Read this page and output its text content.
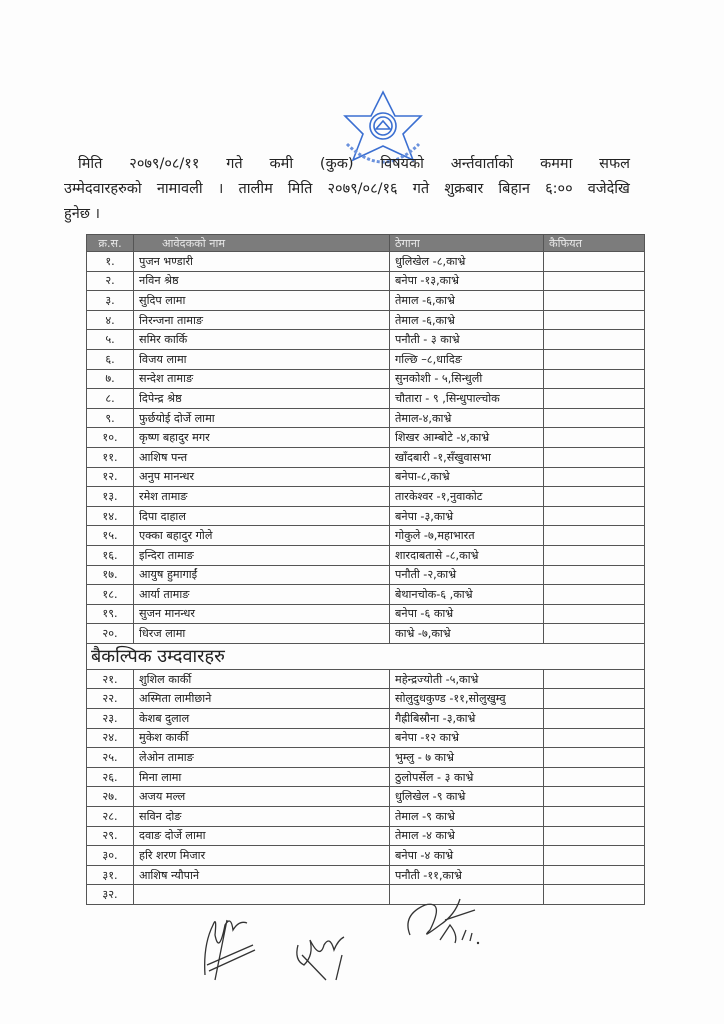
मिति	२०७९/०८/११	गते	कमी	(कुक)	विषयको	अर्न्तवार्ताको	कममा	सफल
उम्मेदवारहरुको नामावली । तालीम मिति २०७९/०८/१६ गते शुक्रबार बिहान ६:०० वजेदेखि
हुनेछ ।
क्र.स.	आवेदकको नाम	ठेगाना	कैफियत
१.	पुजन भण्डारी	धुलिखेल -८,काभ्रे	
२.	नविन श्रेष्ठ	बनेपा -१३,काभ्रे	
३.	सुदिप लामा	तेमाल -६,काभ्रे	
४.	निरन्जना तामाङ	तेमाल -६,काभ्रे	
५.	समिर कार्कि	पनौती - ३ काभ्रे	
६.	विजय लामा	गल्छि –८,धादिङ	
७.	सन्देश तामाङ	सुनकोशी - ५,सिन्धुली	
८.	दिपेन्द्र श्रेष्ठ	चौतारा - ९ ,सिन्धुपाल्चोक	
९.	फुर्छयोई दोर्जे लामा	तेमाल-४,काभ्रे	
१०.	कृष्ण बहादुर मगर	शिखर आम्बोटे -४,काभ्रे	
११.	आशिष पन्त	खाँदबारी -१,सँखुवासभा	
१२.	अनुप मानन्धर	बनेपा-८,काभ्रे	
१३.	रमेश तामाङ	तारकेश्वर -१,नुवाकोट	
१४.	दिपा दाहाल	बनेपा -३,काभ्रे	
१५.	एक्का बहादुर गोले	गोकुले -७,महाभारत	
१६.	इन्दिरा तामाङ	शारदाबतासे -८,काभ्रे	
१७.	आयुष हुमागाईं	पनौती -२,काभ्रे	
१८.	आर्या तामाङ	बेथानचोक-६ ,काभ्रे	
१९.	सुजन मानन्धर	बनेपा -६ काभ्रे	
२०.	धिरज लामा	काभ्रे -७,काभ्रे	
बैकल्पिक उम्दवारहरु			
२१.	शुशिल कार्की	महेन्द्रज्योती -५,काभ्रे	
२२.	अस्मिता लामीछाने	सोलुदुधकुण्ड -११,सोलुखुम्वु	
२३.	केशब दुलाल	गैह्रीबिस्रौना -३,काभ्रे	
२४.	मुकेश कार्की	बनेपा -१२ काभ्रे	
२५.	लेओन तामाङ	भुम्लु - ७ काभ्रे	
२६.	मिना लामा	ठुलोपर्सेल - ३ काभ्रे	
२७.	अजय मल्ल	धुलिखेल -९ काभ्रे	
२८.	सविन दोङ	तेमाल -९ काभ्रे	
२९.	दवाङ दोर्जे लामा	तेमाल -४ काभ्रे	
३०.	हरि शरण मिजार	बनेपा -४ काभ्रे	
३१.	आशिष न्यौपाने	पनौती -११,काभ्रे	
३२.			
